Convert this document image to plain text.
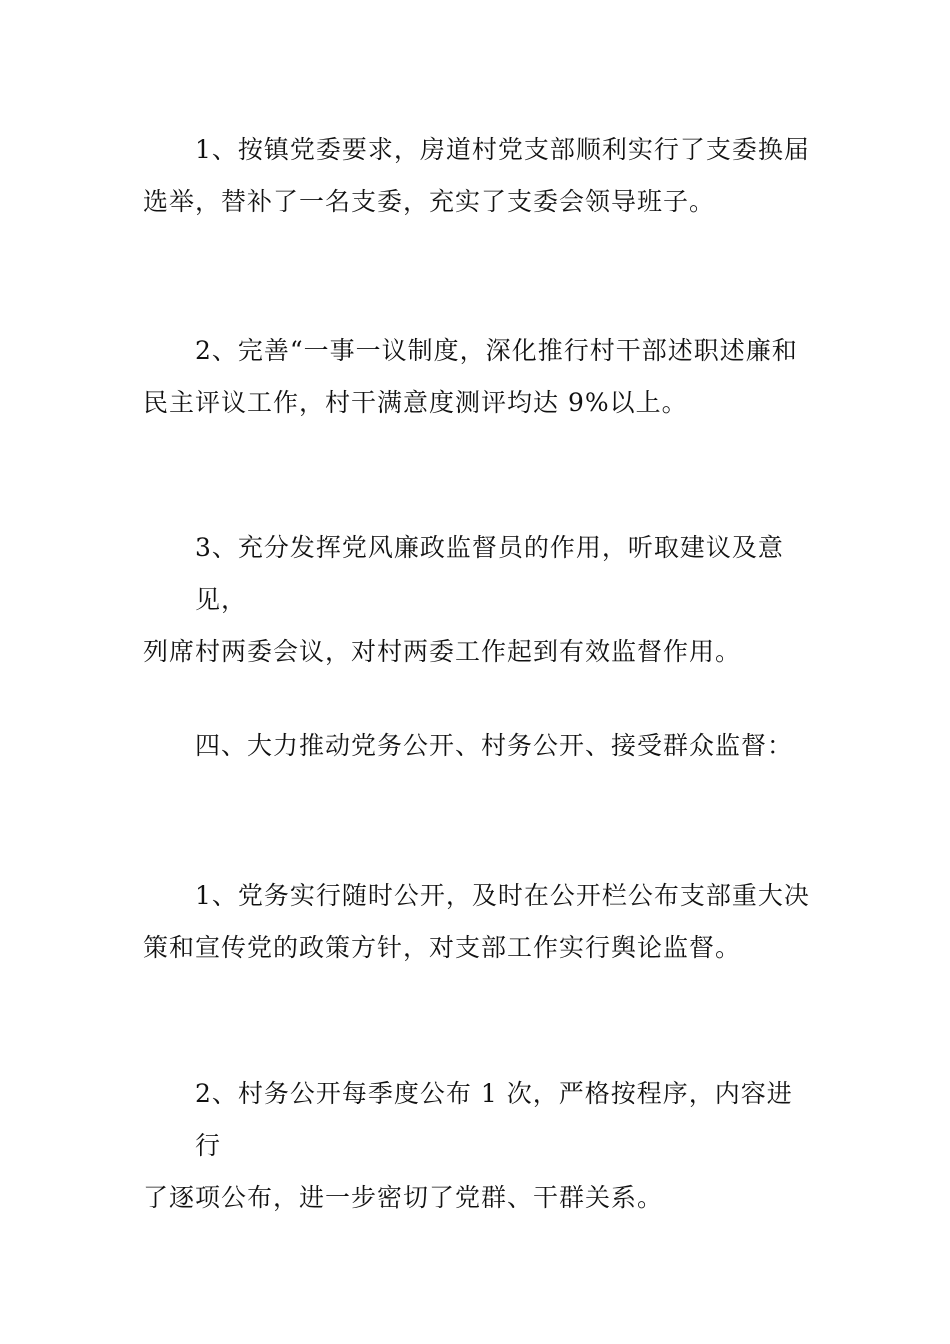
1、按镇党委要求，房道村党支部顺利实行了支委换届
选举，替补了一名支委，充实了支委会领导班子。

2、完善“一事一议制度，深化推行村干部述职述廉和
民主评议工作，村干满意度测评均达 9%以上。

3、充分发挥党风廉政监督员的作用，听取建议及意见，
列席村两委会议，对村两委工作起到有效监督作用。

四、大力推动党务公开、村务公开、接受群众监督：

1、党务实行随时公开，及时在公开栏公布支部重大决
策和宣传党的政策方针，对支部工作实行舆论监督。

2、村务公开每季度公布 1 次，严格按程序，内容进行
了逐项公布，进一步密切了党群、干群关系。
